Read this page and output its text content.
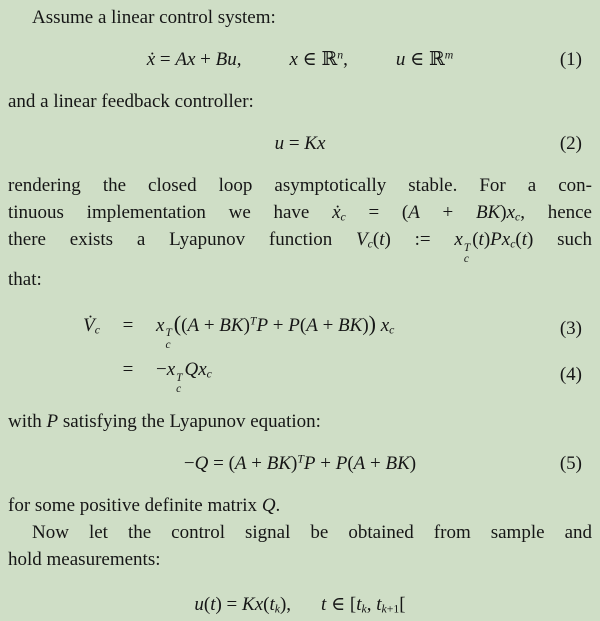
Assume a linear control system:
ẋ = Ax + Bu,	x ∈ ℝ$^n$,	u ∈ ℝ$^m$	(1)
and a linear feedback controller:
u = Kx	(2)
rendering the closed loop asymptotically stable. For a con-
tinuous implementation we have ẋ$_c$ = $(A + BK)x_c$, hence
there exists a Lyapunov function $V_c(t)$ := x T
c
$(t)Px_c(t)$ such
that:
$V̇_c$	=	x T
c
((A + BK)$^T$P + P(A + BK)) $x_c$	(3)
=	−x T
c
$Qx_c$	(4)
with P satisfying the Lyapunov equation:
−Q = (A + BK)$^T$P + P(A + BK)	(5)
for some positive definite matrix Q.
Now let the control signal be obtained from sample and
hold measurements:
$u(t) = Kx(t_k)$, t ∈ [$t_k$, $t_{k+1}$[
